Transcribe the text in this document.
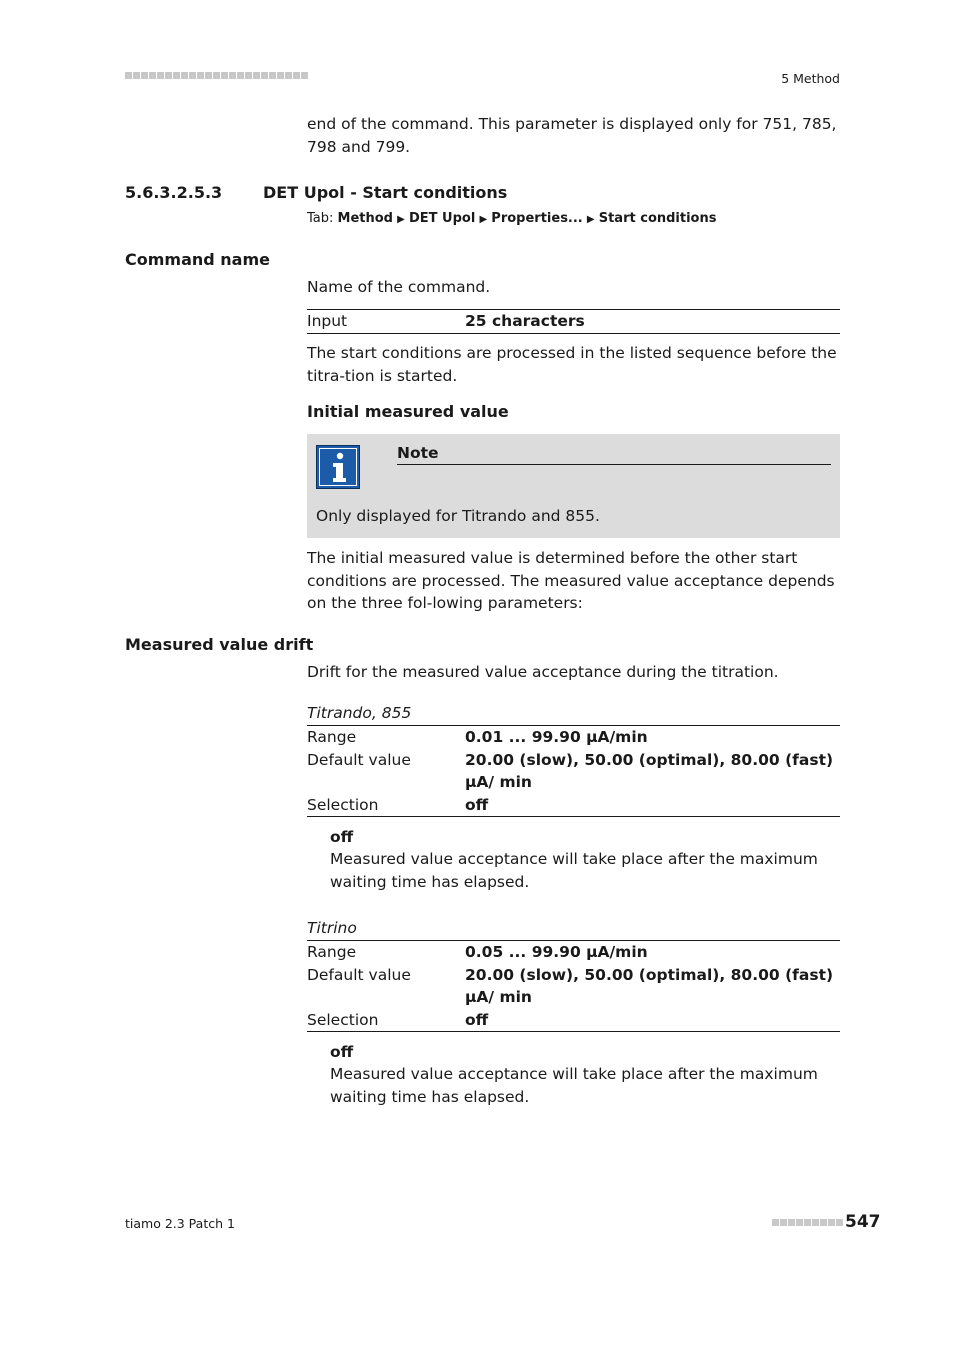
5 Method
end of the command. This parameter is displayed only for 751, 785, 798 and 799.
5.6.3.2.5.3	DET Upol - Start conditions
Tab: Method ▶ DET Upol ▶ Properties... ▶ Start conditions
Command name
Name of the command.
Input	25 characters
The start conditions are processed in the listed sequence before the titra-tion is started.
Initial measured value
Note
Only displayed for Titrando and 855.
The initial measured value is determined before the other start conditions are processed. The measured value acceptance depends on the three fol-lowing parameters:
Measured value drift
Drift for the measured value acceptance during the titration.
Titrando, 855
Range	0.01 ... 99.90 µA/min
Default value	20.00 (slow), 50.00 (optimal), 80.00 (fast) µA/ min
Selection	off
off
Measured value acceptance will take place after the maximum waiting time has elapsed.
Titrino
Range	0.05 ... 99.90 µA/min
Default value	20.00 (slow), 50.00 (optimal), 80.00 (fast) µA/ min
Selection	off
off
Measured value acceptance will take place after the maximum waiting time has elapsed.
tiamo 2.3 Patch 1	547
